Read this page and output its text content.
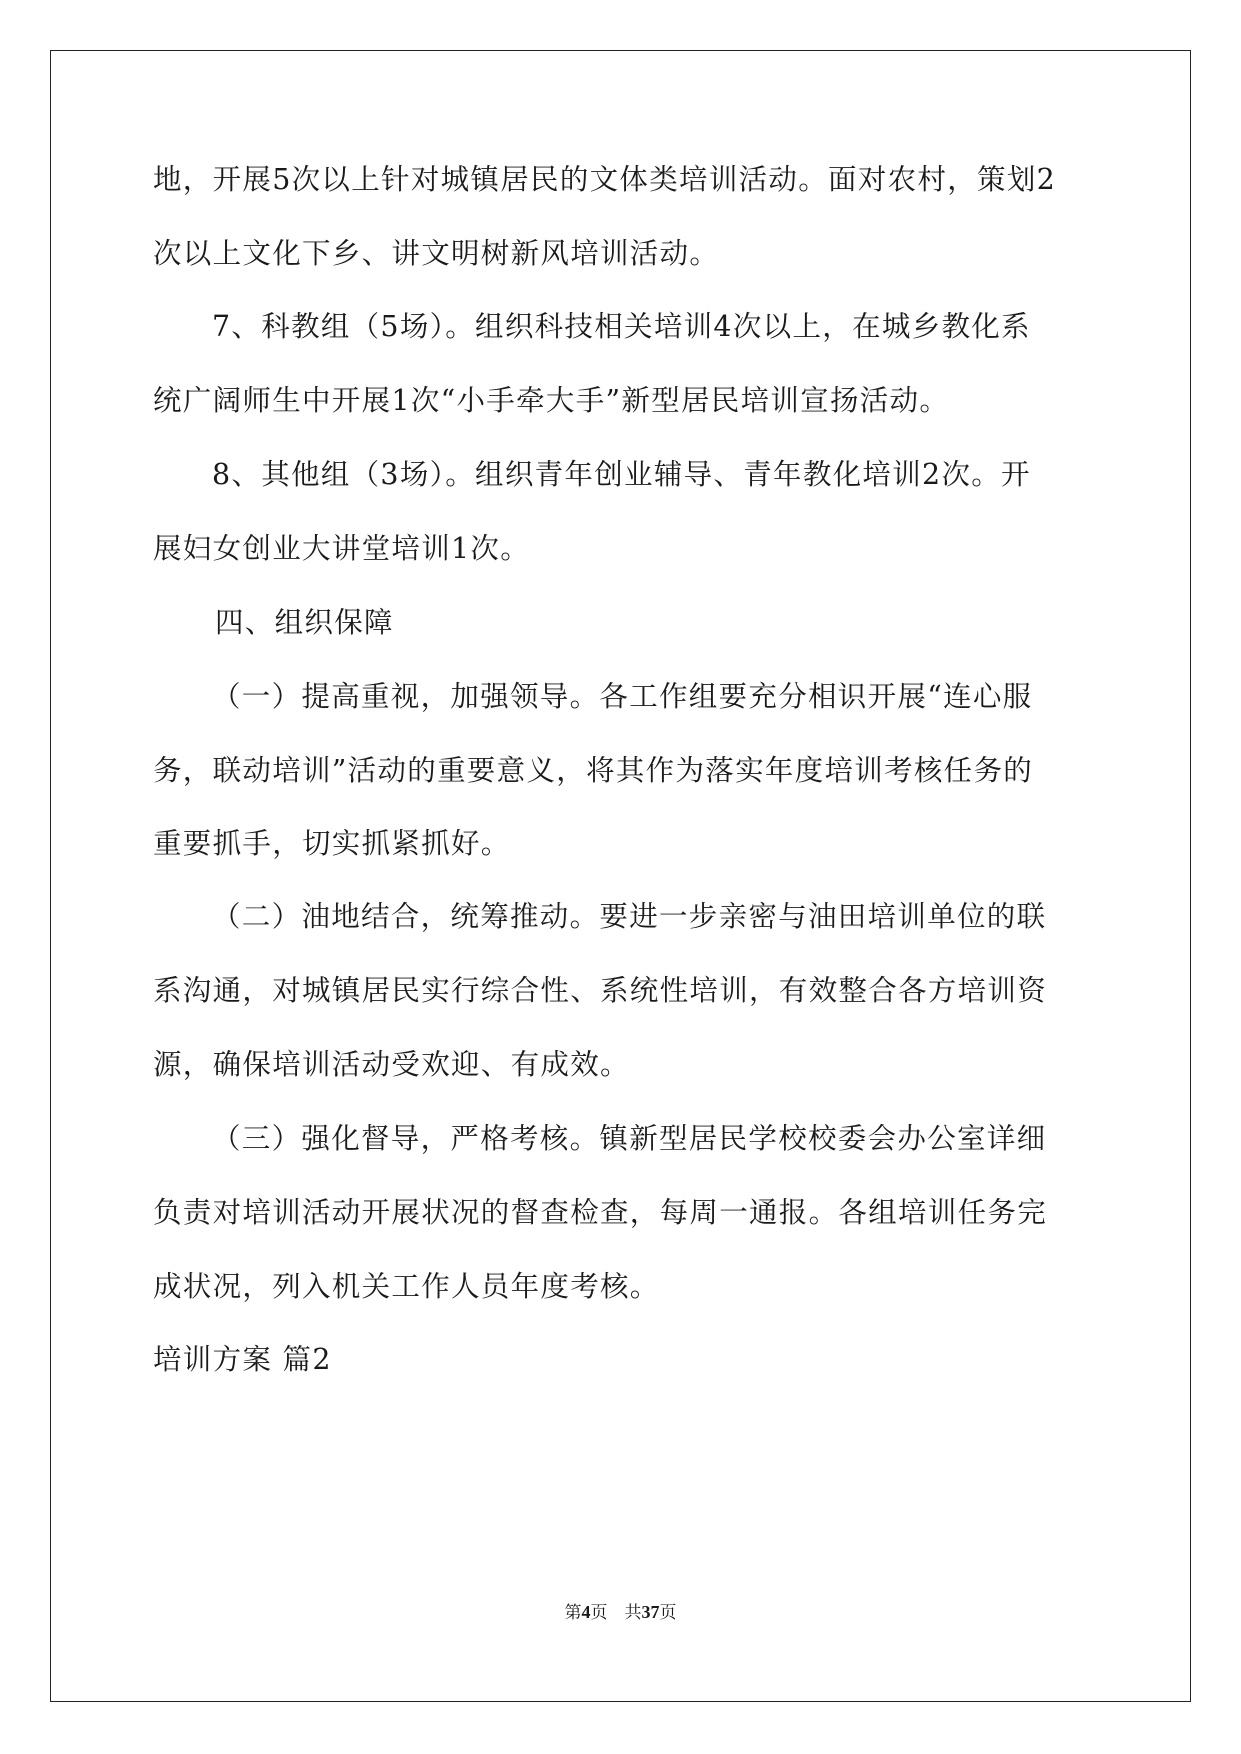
地，开展5次以上针对城镇居民的文体类培训活动。面对农村，策划2
次以上文化下乡、讲文明树新风培训活动。
7、科教组（5场）。组织科技相关培训4次以上，在城乡教化系
统广阔师生中开展1次“小手牵大手”新型居民培训宣扬活动。
8、其他组（3场）。组织青年创业辅导、青年教化培训2次。开
展妇女创业大讲堂培训1次。
四、组织保障
（一）提高重视，加强领导。各工作组要充分相识开展“连心服
务，联动培训”活动的重要意义，将其作为落实年度培训考核任务的
重要抓手，切实抓紧抓好。
（二）油地结合，统筹推动。要进一步亲密与油田培训单位的联
系沟通，对城镇居民实行综合性、系统性培训，有效整合各方培训资
源，确保培训活动受欢迎、有成效。
（三）强化督导，严格考核。镇新型居民学校校委会办公室详细
负责对培训活动开展状况的督查检查，每周一通报。各组培训任务完
成状况，列入机关工作人员年度考核。
培训方案 篇2
第4页　共37页
